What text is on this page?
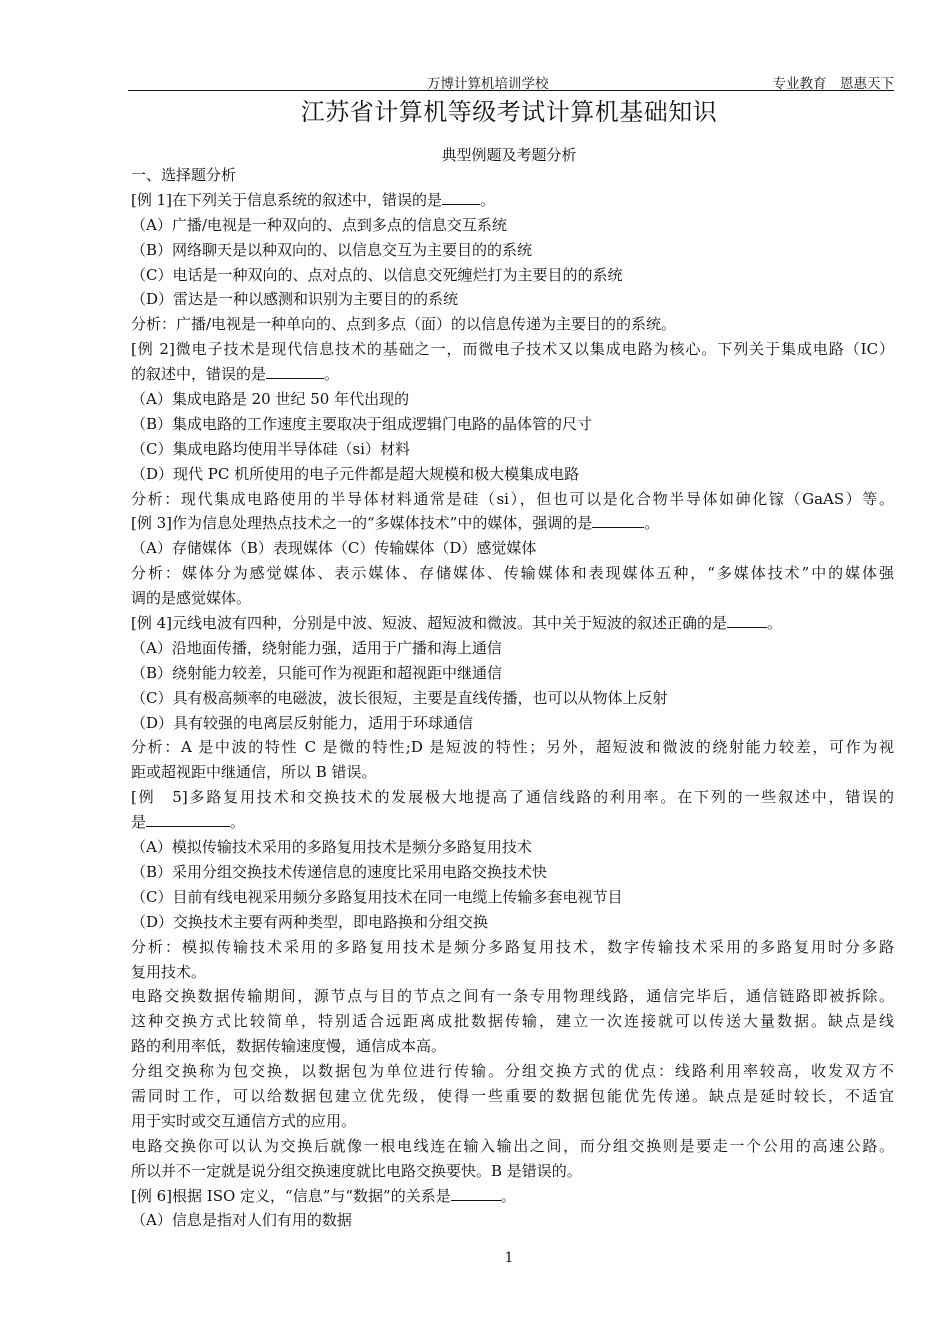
万博计算机培训学校	专业教育　恩惠天下
江苏省计算机等级考试计算机基础知识
典型例题及考题分析
一、选择题分析
[例 1]在下列关于信息系统的叙述中，错误的是	。
（A）广播/电视是一种双向的、点到多点的信息交互系统
（B）网络聊天是以种双向的、以信息交互为主要目的的系统
（C）电话是一种双向的、点对点的、以信息交死缠烂打为主要目的的系统
（D）雷达是一种以感测和识别为主要目的的系统
分析：广播/电视是一种单向的、点到多点（面）的以信息传递为主要目的的系统。
[例 2]微电子技术是现代信息技术的基础之一，而微电子技术又以集成电路为核心。下列关于集成电路（IC）
的叙述中，错误的是	。
（A）集成电路是 20 世纪 50 年代出现的
（B）集成电路的工作速度主要取决于组成逻辑门电路的晶体管的尺寸
（C）集成电路均使用半导体硅（si）材料
（D）现代 PC 机所使用的电子元件都是超大规模和极大模集成电路
分析：现代集成电路使用的半导体材料通常是硅（si），但也可以是化合物半导体如砷化镓（GaAS）等。
[例 3]作为信息处理热点技术之一的“多媒体技术”中的媒体，强调的是	。
（A）存储媒体（B）表现媒体（C）传输媒体（D）感觉媒体
分析：媒体分为感觉媒体、表示媒体、存储媒体、传输媒体和表现媒体五种，“多媒体技术”中的媒体强
调的是感觉媒体。
[例 4]元线电波有四种，分别是中波、短波、超短波和微波。其中关于短波的叙述正确的是	。
（A）沿地面传播，绕射能力强，适用于广播和海上通信
（B）绕射能力较差，只能可作为视距和超视距中继通信
（C）具有极高频率的电磁波，波长很短，主要是直线传播，也可以从物体上反射
（D）具有较强的电离层反射能力，适用于环球通信
分析：A 是中波的特性 C 是微的特性;D 是短波的特性；另外，超短波和微波的绕射能力较差，可作为视
距或超视距中继通信，所以 B 错误。
[例　5]多路复用技术和交换技术的发展极大地提高了通信线路的利用率。在下列的一些叙述中，错误的
是	。
（A）模拟传输技术采用的多路复用技术是频分多路复用技术
（B）采用分组交换技术传递信息的速度比采用电路交换技术快
（C）目前有线电视采用频分多路复用技术在同一电缆上传输多套电视节目
（D）交换技术主要有两种类型，即电路换和分组交换
分析：模拟传输技术采用的多路复用技术是频分多路复用技术，数字传输技术采用的多路复用时分多路
复用技术。
电路交换数据传输期间，源节点与目的节点之间有一条专用物理线路，通信完毕后，通信链路即被拆除。
这种交换方式比较简单，特别适合远距离成批数据传输，建立一次连接就可以传送大量数据。缺点是线
路的利用率低，数据传输速度慢，通信成本高。
分组交换称为包交换，以数据包为单位进行传输。分组交换方式的优点：线路利用率较高，收发双方不
需同时工作，可以给数据包建立优先级，使得一些重要的数据包能优先传递。缺点是延时较长，不适宜
用于实时或交互通信方式的应用。
电路交换你可以认为交换后就像一根电线连在输入输出之间，而分组交换则是要走一个公用的高速公路。
所以并不一定就是说分组交换速度就比电路交换要快。B 是错误的。
[例 6]根据 ISO 定义，“信息”与“数据”的关系是	。
（A）信息是指对人们有用的数据
1
